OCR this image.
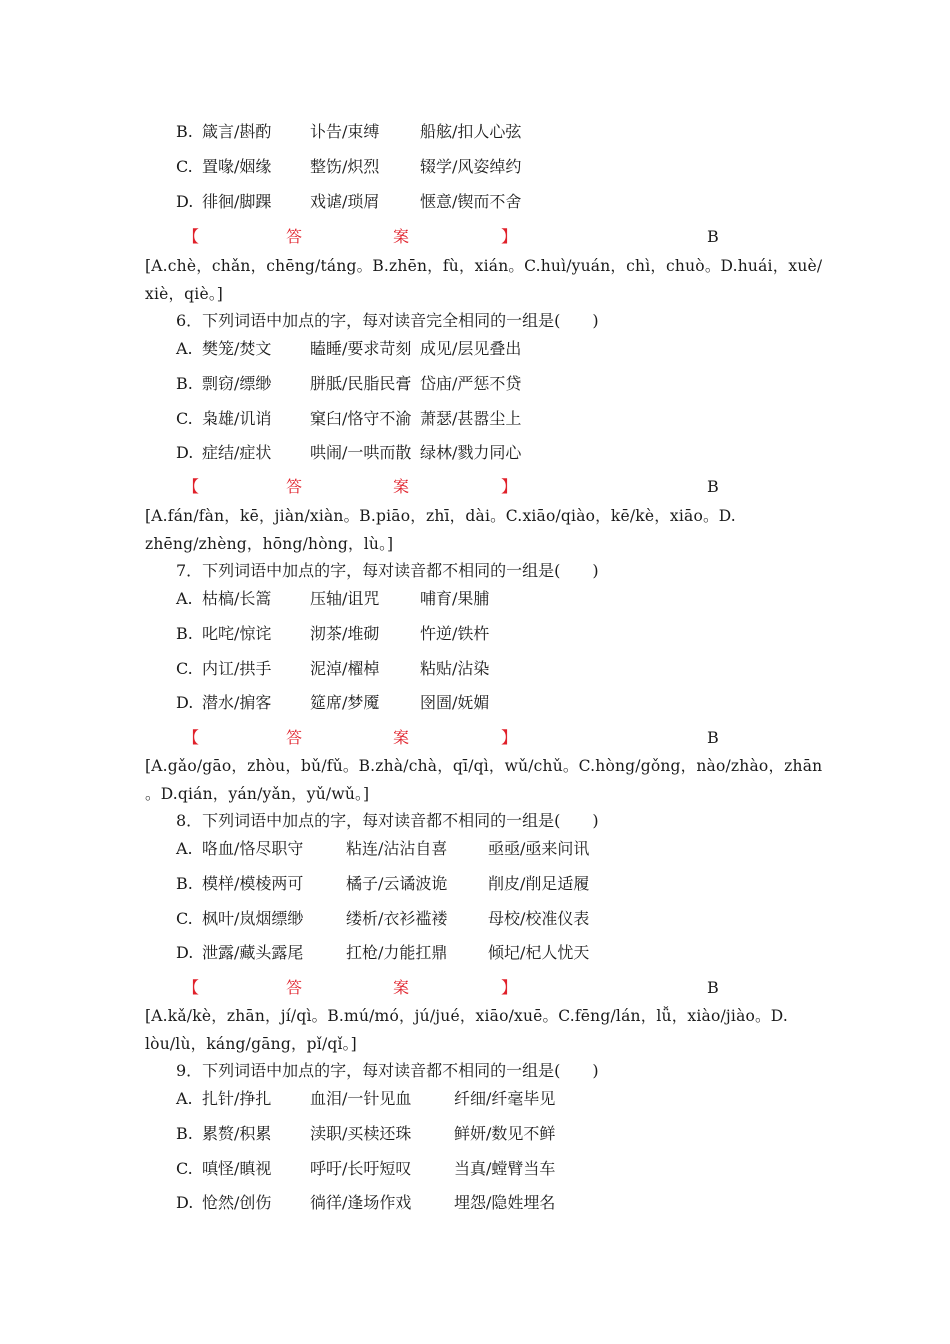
B. 箴言/斟酌 讣告/束缚	船舷/扣人心弦
C. 置喙/姻缘 整饬/炽烈	辍学/风姿绰约
D. 徘徊/脚踝 戏谑/琐屑	惬意/锲而不舍
【	答	案	】	B
[A.chè，chǎn，chēng/táng。B.zhēn，fù，xián。C.huì/yuán，chì，chuò。D.huái，xuè/
xiè，qiè。]
6．下列词语中加点的字，每对读音完全相同的一组是(　　)
A. 樊笼/焚文 瞌睡/要求苛刻 成见/层见叠出
B. 剽窃/缥缈 胼胝/民脂民膏 岱庙/严惩不贷
C. 枭雄/讥诮 窠臼/恪守不渝 萧瑟/甚嚣尘上
D. 症结/症状 哄闹/一哄而散 绿林/戮力同心
【	答	案	】	B
[A.fán/fàn，kē，jiàn/xiàn。B.piāo，zhī，dài。C.xiāo/qiào，kē/kè，xiāo。D.
zhēng/zhèng，hōng/hòng，lù。]
7．下列词语中加点的字，每对读音都不相同的一组是(　　)
A. 枯槁/长篙 压轴/诅咒	哺育/果脯
B. 叱咤/惊诧 沏茶/堆砌	忤逆/铁杵
C. 内讧/拱手 泥淖/櫂棹	粘贴/沾染
D. 潜水/掮客 筵席/梦魇	囹圄/妩媚
【	答	案	】	B
[A.gǎo/gāo，zhòu，bǔ/fǔ。B.zhà/chà，qī/qì，wǔ/chǔ。C.hòng/gǒng，nào/zhào，zhān
。D.qián，yán/yǎn，yǔ/wǔ。]
8．下列词语中加点的字，每对读音都不相同的一组是(　　)
A. 咯血/恪尽职守	粘连/沾沾自喜	亟亟/亟来问讯
B. 模样/模棱两可	橘子/云谲波诡	削皮/削足适履
C. 枫叶/岚烟缥缈	缕析/衣衫褴褛	母校/校准仪表
D. 泄露/藏头露尾	扛枪/力能扛鼎	倾圮/杞人忧天
【	答	案	】	B
[A.kǎ/kè，zhān，jí/qì。B.mú/mó，jú/jué，xiāo/xuē。C.fēng/lán，lǚ，xiào/jiào。D.
lòu/lù，káng/gāng，pǐ/qǐ。]
9．下列词语中加点的字，每对读音都不相同的一组是(　　)
A. 扎针/挣扎 血泪/一针见血	纤细/纤毫毕见
B. 累赘/积累 渎职/买椟还珠	鲜妍/数见不鲜
C. 嗔怪/瞋视 呼吁/长吁短叹	当真/螳臂当车
D. 怆然/创伤 徜徉/逢场作戏	埋怨/隐姓埋名
